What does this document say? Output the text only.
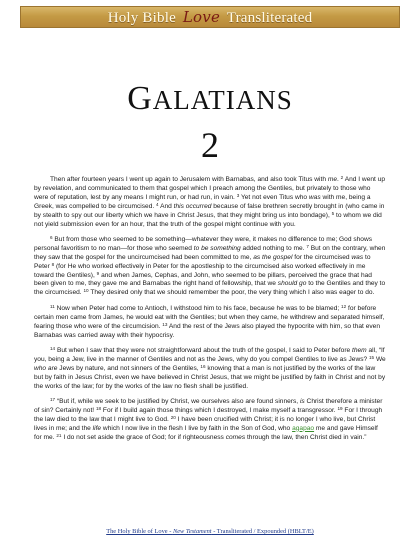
Holy Bible Love Transliterated
GALATIANS
2

Then after fourteen years I went up again to Jerusalem with Barnabas, and also took Titus with me. $^2$ And I went up by revelation, and communicated to them that gospel which I preach among the Gentiles, but privately to those who were of reputation, lest by any means I might run, or had run, in vain. $^3$ Yet not even Titus who was with me, being a Greek, was compelled to be circumcised. $^4$ And this occurred because of false brethren secretly brought in (who came in by stealth to spy out our liberty which we have in Christ Jesus, that they might bring us into bondage), $^5$ to whom we did not yield submission even for an hour, that the truth of the gospel might continue with you.

$^6$ But from those who seemed to be something—whatever they were, it makes no difference to me; God shows personal favoritism to no man—for those who seemed to be something added nothing to me. $^7$ But on the contrary, when they saw that the gospel for the uncircumcised had been committed to me, as the gospel for the circumcised was to Peter $^8$ (for He who worked effectively in Peter for the apostleship to the circumcised also worked effectively in me toward the Gentiles), $^9$ and when James, Cephas, and John, who seemed to be pillars, perceived the grace that had been given to me, they gave me and Barnabas the right hand of fellowship, that we should go to the Gentiles and they to the circumcised. $^{10}$ They desired only that we should remember the poor, the very thing which I also was eager to do.

$^{11}$ Now when Peter had come to Antioch, I withstood him to his face, because he was to be blamed; $^{12}$ for before certain men came from James, he would eat with the Gentiles; but when they came, he withdrew and separated himself, fearing those who were of the circumcision. $^{13}$ And the rest of the Jews also played the hypocrite with him, so that even Barnabas was carried away with their hypocrisy.

$^{14}$ But when I saw that they were not straightforward about the truth of the gospel, I said to Peter before them all, “If you, being a Jew, live in the manner of Gentiles and not as the Jews, why do you compel Gentiles to live as Jews? $^{15}$ We who are Jews by nature, and not sinners of the Gentiles, $^{16}$ knowing that a man is not justified by the works of the law but by faith in Jesus Christ, even we have believed in Christ Jesus, that we might be justified by faith in Christ and not by the works of the law; for by the works of the law no flesh shall be justified.

$^{17}$ “But if, while we seek to be justified by Christ, we ourselves also are found sinners, is Christ therefore a minister of sin? Certainly not! $^{18}$ For if I build again those things which I destroyed, I make myself a transgressor. $^{19}$ For I through the law died to the law that I might live to God. $^{20}$ I have been crucified with Christ; it is no longer I who live, but Christ lives in me; and the life which I now live in the flesh I live by faith in the Son of God, who agapao me and gave Himself for me. $^{21}$ I do not set aside the grace of God; for if righteousness comes through the law, then Christ died in vain.”

The Holy Bible of Love - New Testament - Transliterated / Expounded (HBLT/E)
